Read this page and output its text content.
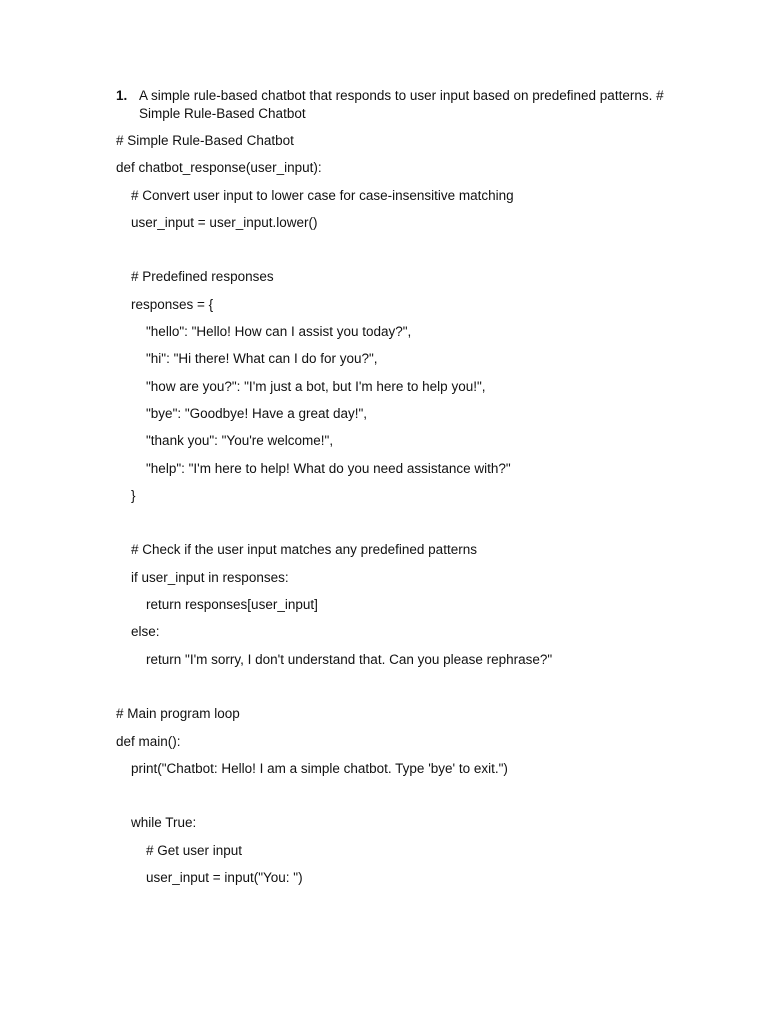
1. A simple rule-based chatbot that responds to user input based on predefined patterns. # Simple Rule-Based Chatbot
# Simple Rule-Based Chatbot
def chatbot_response(user_input):
# Convert user input to lower case for case-insensitive matching
user_input = user_input.lower()
# Predefined responses
responses = {
"hello": "Hello! How can I assist you today?",
"hi": "Hi there! What can I do for you?",
"how are you?": "I'm just a bot, but I'm here to help you!",
"bye": "Goodbye! Have a great day!",
"thank you": "You're welcome!",
"help": "I'm here to help! What do you need assistance with?"
}
# Check if the user input matches any predefined patterns
if user_input in responses:
return responses[user_input]
else:
return "I'm sorry, I don't understand that. Can you please rephrase?"
# Main program loop
def main():
print("Chatbot: Hello! I am a simple chatbot. Type 'bye' to exit.")
while True:
# Get user input
user_input = input("You: ")
